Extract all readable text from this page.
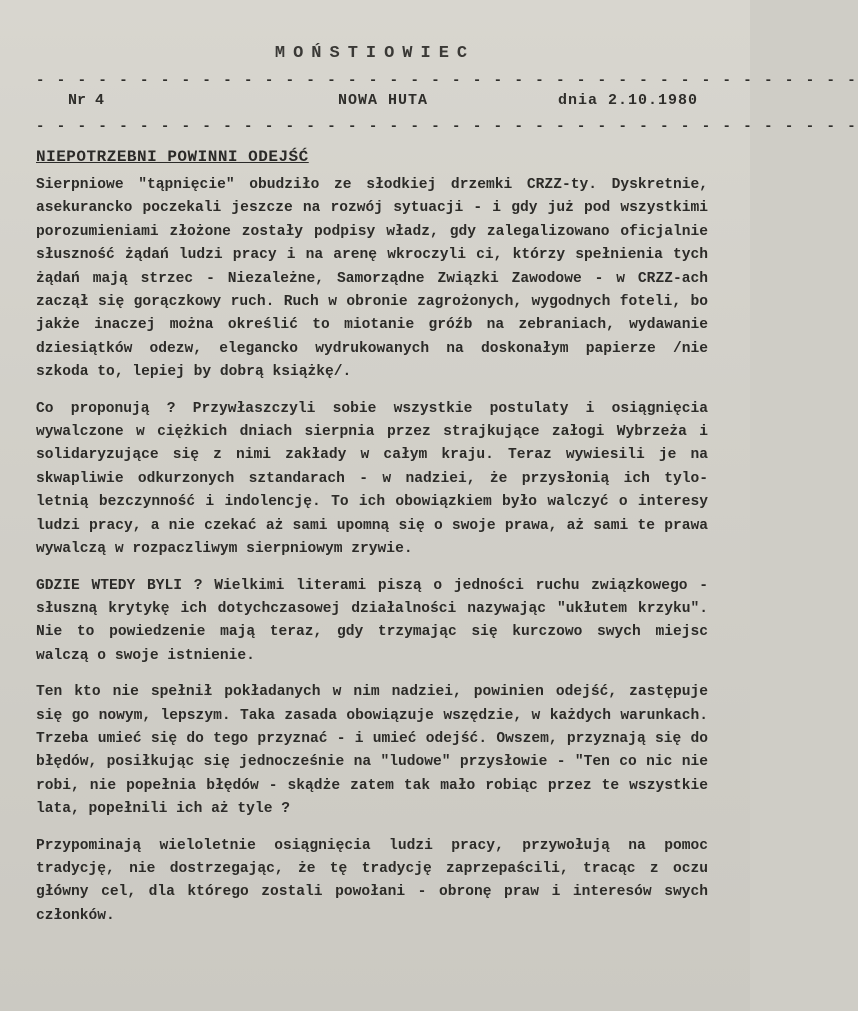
MOŃSTIOWIEC
- - - - - - - - - - - - - - - - - - - - - - - - - - - - - - - - - - - - - - - -
Nr 4	NOWA HUTA	dnia 2.10.1980
- - - - - - - - - - - - - - - - - - - - - - - - - - - - - - - - - - - - - - - -
NIEPOTRZEBNI POWINNI ODEJŚĆ

Sierpniowe "tąpnięcie" obudziło ze słodkiej drzemki CRZZ-ty. Dyskretnie, asekuranckо poczekali jeszcze na rozwój sytuacji - i gdy już pod wszystkimi porozumieniami złożone zostały podpisy władz, gdy zalegalizowano oficjalnie słuszność żądań ludzi pracy i na arenę wkroczyli ci, którzy spełnienia tych żądań mają strzec - Niezależne, Samorządne Związki Zawodowe - w CRZZ-ach zaczął się gorączkowy ruch. Ruch w obronie zagrożonych, wygodnych foteli, bo jakże inaczej można określić to miotanie gróźb na zebraniach, wydawanie dziesiątków odezw, elegancko wydrukowanych na doskonałym papierze /nie szkoda to, lepiej by dobrą książkę/.

Co proponują ? Przywłaszczyli sobie wszystkie postulaty i osiągnięcia wywalczone w ciężkich dniach sierpnia przez strajkujące załogi Wybrzeża i solidaryzujące się z nimi zakłady w całym kraju. Teraz wywiesili je na skwapliwie odkurzonych sztandarach - w nadziei, że przysłonią ich tylo-letnią bezczynność i indolencję. To ich obowiązkiem było walczyć o interesy ludzi pracy, a nie czekać aż sami upomną się o swoje prawa, aż sami te prawa wywalczą w rozpaczliwym sierpniowym zrywie.

GDZIE WTEDY BYLI ? Wielkimi literami piszą o jedności ruchu związkowego - słuszną krytykę ich dotychczasowej działalności nazywając "ukłutem krzyku". Nie to powiedzenie mają teraz, gdy trzymając się kurczowo swych miejsc walczą o swoje istnienie.

Ten kto nie spełnił pokładanych w nim nadziei, powinien odejść, zastępuje się go nowym, lepszym. Taka zasada obowiązuje wszędzie, w każdych warunkach. Trzeba umieć się do tego przyznać - i umieć odejść. Owszem, przyznają się do błędów, posiłkując się jednocześnie na "ludowe" przysłowie - "Ten co nic nie robi, nie popełnia błędów - skądże zatem tak mało robiąc przez te wszystkie lata, popełnili ich aż tyle ?

Przypominają wieloletnie osiągnięcia ludzi pracy, przywołują na pomoc tradycję, nie dostrzegając, że tę tradycję zaprzepaścili, tracąc z oczu główny cel, dla którego zostali powołani - obronę praw i interesów swych członków.
